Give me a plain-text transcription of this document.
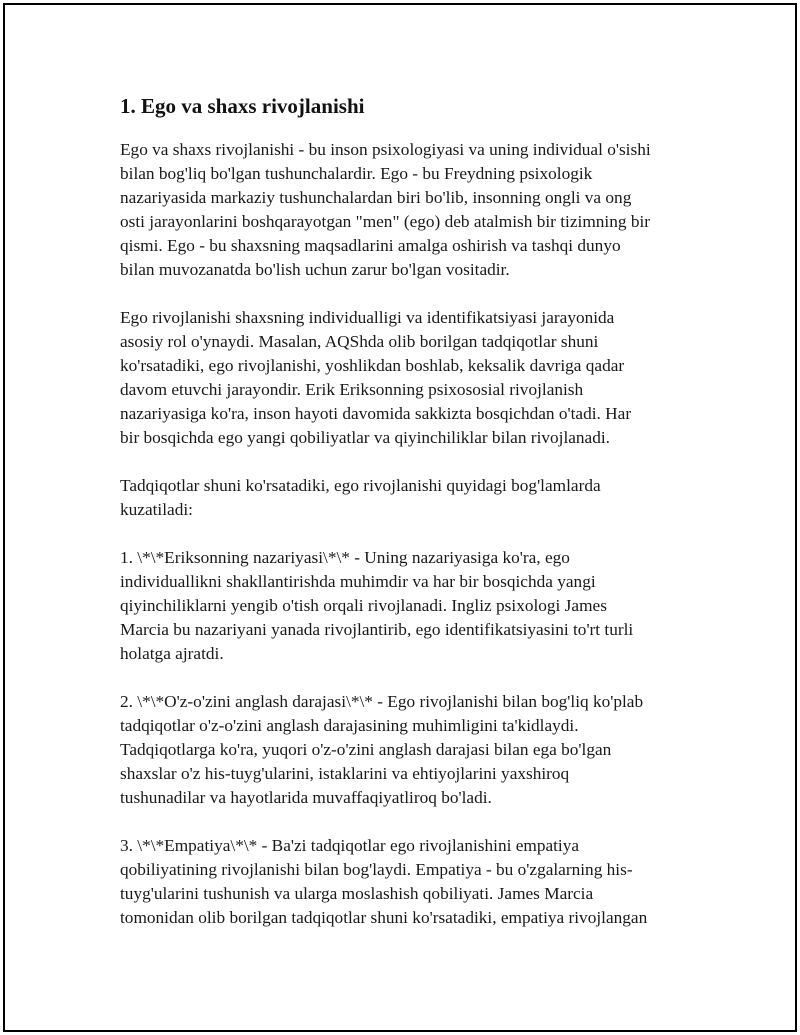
1. Ego va shaxs rivojlanishi

Ego va shaxs rivojlanishi - bu inson psixologiyasi va uning individual o'sishi
bilan bog'liq bo'lgan tushunchalardir. Ego - bu Freydning psixologik
nazariyasida markaziy tushunchalardan biri bo'lib, insonning ongli va ong
osti jarayonlarini boshqarayotgan "men" (ego) deb atalmish bir tizimning bir
qismi. Ego - bu shaxsning maqsadlarini amalga oshirish va tashqi dunyo
bilan muvozanatda bo'lish uchun zarur bo'lgan vositadir.

Ego rivojlanishi shaxsning individualligi va identifikatsiyasi jarayonida
asosiy rol o'ynaydi. Masalan, AQShda olib borilgan tadqiqotlar shuni
ko'rsatadiki, ego rivojlanishi, yoshlikdan boshlab, keksalik davriga qadar
davom etuvchi jarayondir. Erik Eriksonning psixososial rivojlanish
nazariyasiga ko'ra, inson hayoti davomida sakkizta bosqichdan o'tadi. Har
bir bosqichda ego yangi qobiliyatlar va qiyinchiliklar bilan rivojlanadi.

Tadqiqotlar shuni ko'rsatadiki, ego rivojlanishi quyidagi bog'lamlarda
kuzatiladi:

1. \*\*Eriksonning nazariyasi\*\* - Uning nazariyasiga ko'ra, ego
individuallikni shakllantirishda muhimdir va har bir bosqichda yangi
qiyinchiliklarni yengib o'tish orqali rivojlanadi. Ingliz psixologi James
Marcia bu nazariyani yanada rivojlantirib, ego identifikatsiyasini to'rt turli
holatga ajratdi.

2. \*\*O'z-o'zini anglash darajasi\*\* - Ego rivojlanishi bilan bog'liq ko'plab
tadqiqotlar o'z-o'zini anglash darajasining muhimligini ta'kidlaydi.
Tadqiqotlarga ko'ra, yuqori o'z-o'zini anglash darajasi bilan ega bo'lgan
shaxslar o'z his-tuyg'ularini, istaklarini va ehtiyojlarini yaxshiroq
tushunadilar va hayotlarida muvaffaqiyatliroq bo'ladi.

3. \*\*Empatiya\*\* - Ba'zi tadqiqotlar ego rivojlanishini empatiya
qobiliyatining rivojlanishi bilan bog'laydi. Empatiya - bu o'zgalarning his-
tuyg'ularini tushunish va ularga moslashish qobiliyati. James Marcia
tomonidan olib borilgan tadqiqotlar shuni ko'rsatadiki, empatiya rivojlangan
